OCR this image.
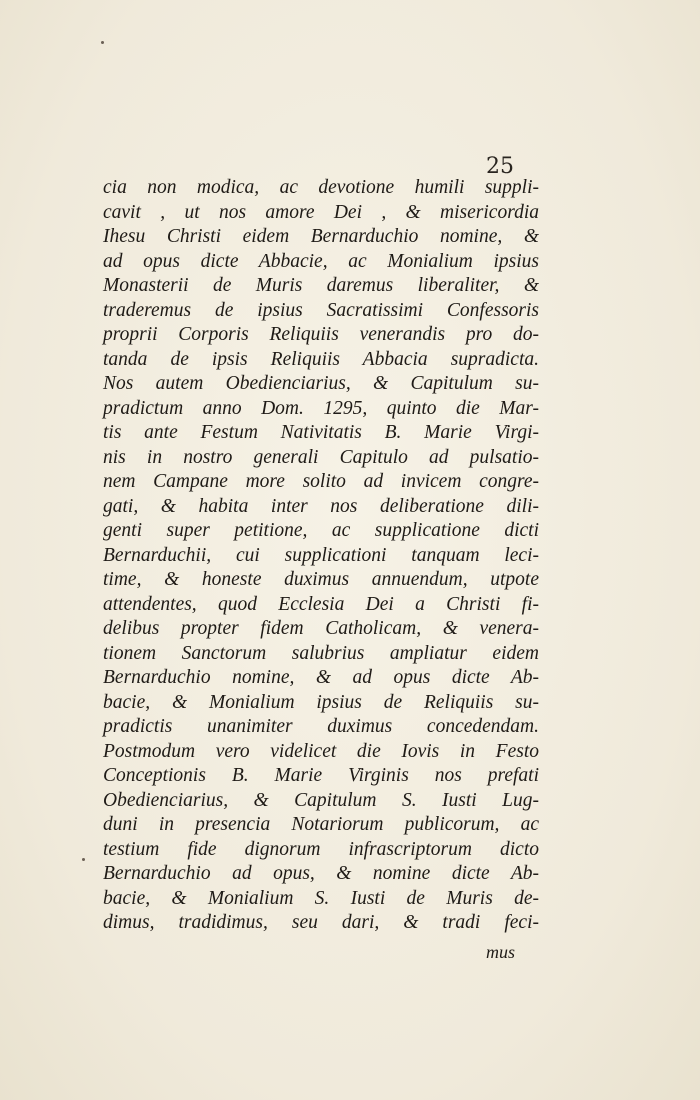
25
cia non modica, ac devotione humili suppli-
cavit , ut nos amore Dei , & misericordia
Ihesu Christi eidem Bernarduchio nomine, &
ad opus dicte Abbacie, ac Monialium ipsius
Monasterii de Muris daremus liberaliter, &
traderemus de ipsius Sacratissimi Confessoris
proprii Corporis Reliquiis venerandis pro do-
tanda de ipsis Reliquiis Abbacia supradicta.
Nos autem Obedienciarius, & Capitulum su-
pradictum anno Dom. 1295, quinto die Mar-
tis ante Festum Nativitatis B. Marie Virgi-
nis in nostro generali Capitulo ad pulsatio-
nem Campane more solito ad invicem congre-
gati, & habita inter nos deliberatione dili-
genti super petitione, ac supplicatione dicti
Bernarduchii, cui supplicationi tanquam leci-
time, & honeste duximus annuendum, utpote
attendentes, quod Ecclesia Dei a Christi fi-
delibus propter fidem Catholicam, & venera-
tionem Sanctorum salubrius ampliatur eidem
Bernarduchio nomine, & ad opus dicte Ab-
bacie, & Monialium ipsius de Reliquiis su-
pradictis unanimiter duximus concedendam.
Postmodum vero videlicet die Iovis in Festo
Conceptionis B. Marie Virginis nos prefati
Obedienciarius, & Capitulum S. Iusti Lug-
duni in presencia Notariorum publicorum, ac
testium fide dignorum infrascriptorum dicto
Bernarduchio ad opus, & nomine dicte Ab-
bacie, & Monialium S. Iusti de Muris de-
dimus, tradidimus, seu dari, & tradi feci-
mus
